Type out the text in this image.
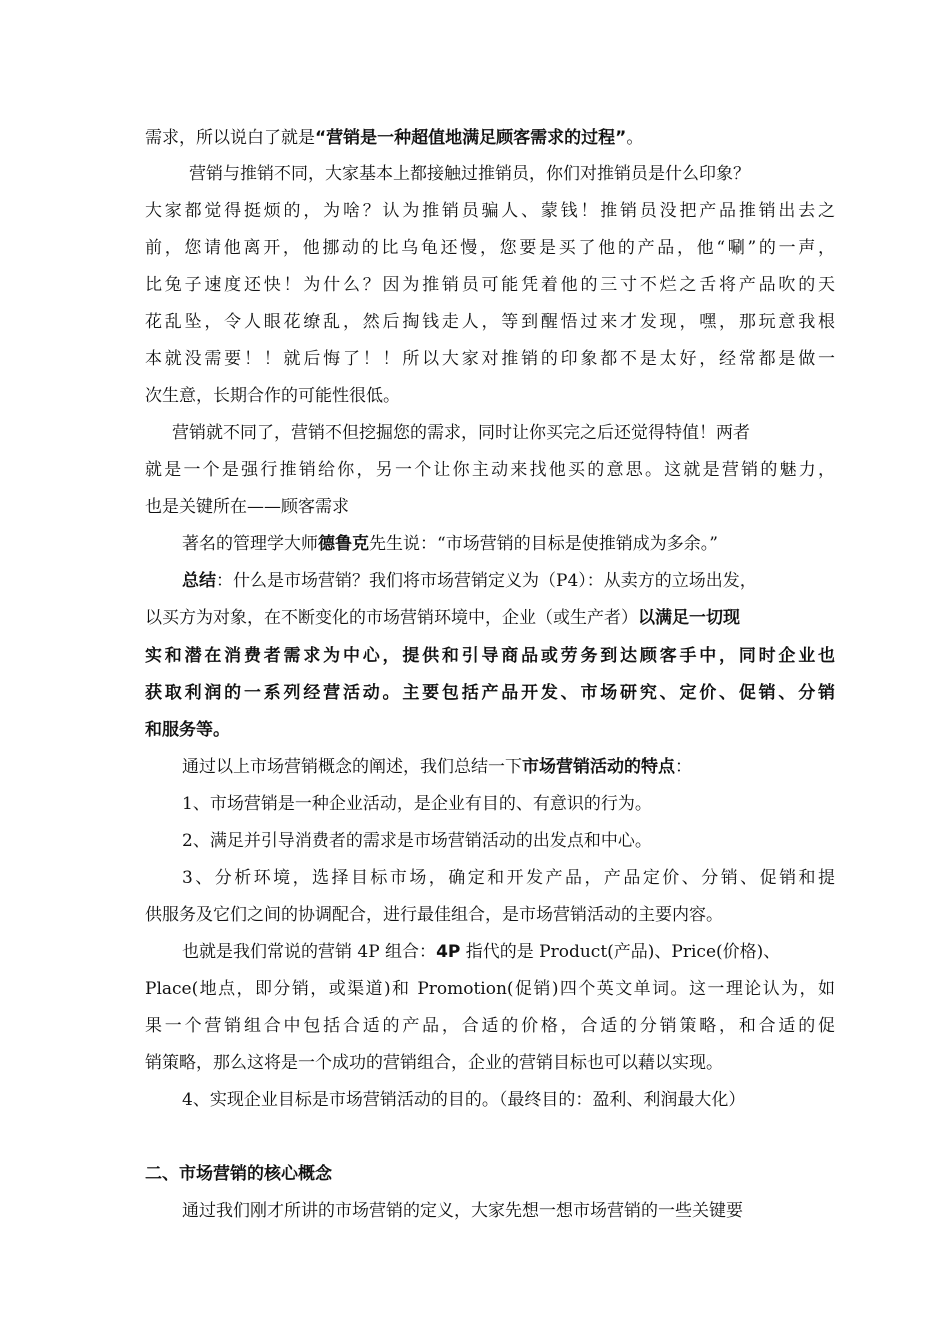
需求，所以说白了就是“营销是一种超值地满足顾客需求的过程”。
营销与推销不同，大家基本上都接触过推销员，你们对推销员是什么印象？
大家都觉得挺烦的，为啥？认为推销员骗人、蒙钱！推销员没把产品推销出去之
前，您请他离开，他挪动的比乌龟还慢，您要是买了他的产品，他“唰”的一声，
比兔子速度还快！为什么？因为推销员可能凭着他的三寸不烂之舌将产品吹的天
花乱坠，令人眼花缭乱，然后掏钱走人，等到醒悟过来才发现，嘿，那玩意我根
本就没需要！！就后悔了！！所以大家对推销的印象都不是太好，经常都是做一
次生意，长期合作的可能性很低。
营销就不同了，营销不但挖掘您的需求，同时让你买完之后还觉得特值！两者
就是一个是强行推销给你，另一个让你主动来找他买的意思。这就是营销的魅力，
也是关键所在——顾客需求
著名的管理学大师德鲁克先生说：“市场营销的目标是使推销成为多余。”
总结：什么是市场营销？我们将市场营销定义为（P4）：从卖方的立场出发，
以买方为对象，在不断变化的市场营销环境中，企业（或生产者）以满足一切现
实和潜在消费者需求为中心，提供和引导商品或劳务到达顾客手中，同时企业也
获取利润的一系列经营活动。主要包括产品开发、市场研究、定价、促销、分销
和服务等。
通过以上市场营销概念的阐述，我们总结一下市场营销活动的特点：
1、市场营销是一种企业活动，是企业有目的、有意识的行为。
2、满足并引导消费者的需求是市场营销活动的出发点和中心。
3、分析环境，选择目标市场，确定和开发产品，产品定价、分销、促销和提
供服务及它们之间的协调配合，进行最佳组合，是市场营销活动的主要内容。
也就是我们常说的营销 4P 组合：4P 指代的是 Product(产品)、Price(价格)、
Place(地点，即分销，或渠道)和 Promotion(促销)四个英文单词。这一理论认为，如
果一个营销组合中包括合适的产品，合适的价格，合适的分销策略，和合适的促
销策略，那么这将是一个成功的营销组合，企业的营销目标也可以藉以实现。
4、实现企业目标是市场营销活动的目的。（最终目的：盈利、利润最大化）
二、市场营销的核心概念
通过我们刚才所讲的市场营销的定义，大家先想一想市场营销的一些关键要
